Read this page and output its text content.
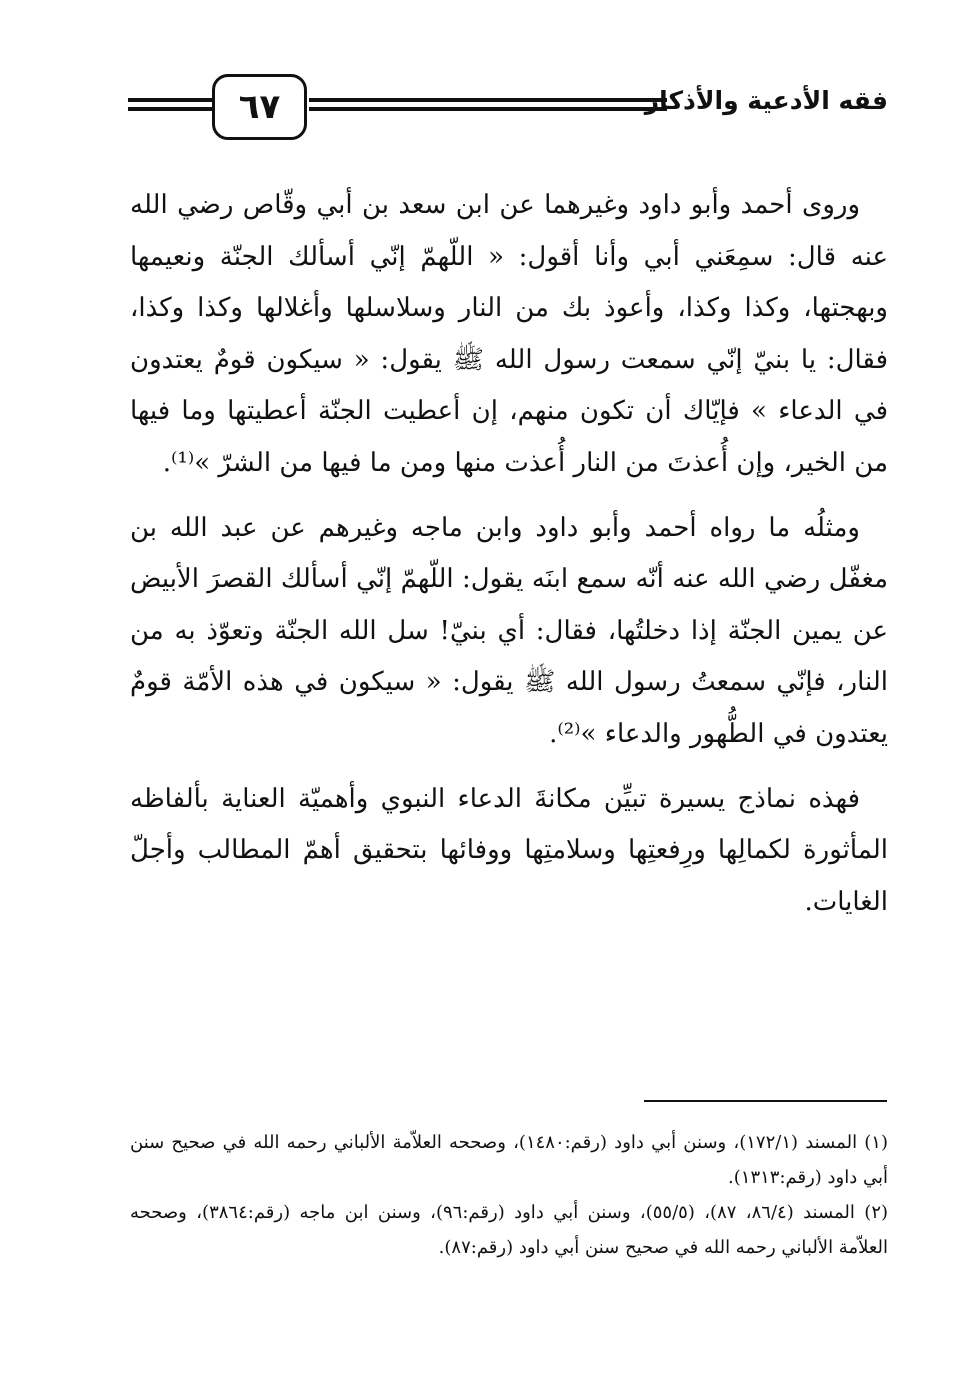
٦٧	فقه الأدعية والأذكار

وروى أحمد وأبو داود وغيرهما عن ابن سعد بن أبي وقّاص رضي الله عنه قال: سمِعَني أبي وأنا أقول: « اللّهمّ إنّي أسألك الجنّة ونعيمها وبهجتها، وكذا وكذا، وأعوذ بك من النار وسلاسلها وأغلالها وكذا وكذا، فقال: يا بنيّ إنّي سمعت رسول الله ﷺ يقول: « سيكون قومٌ يعتدون في الدعاء » فإيّاك أن تكون منهم، إن أعطيت الجنّة أعطيتها وما فيها من الخير، وإن أُعذتَ من النار أُعذت منها ومن ما فيها من الشرّ »⁽¹⁾.

ومثلُه ما رواه أحمد وأبو داود وابن ماجه وغيرهم عن عبد الله بن مغفّل رضي الله عنه أنّه سمع ابنَه يقول: اللّهمّ إنّي أسألك القصرَ الأبيض عن يمين الجنّة إذا دخلتُها، فقال: أي بنيّ! سل الله الجنّة وتعوّذ به من النار، فإنّي سمعتُ رسول الله ﷺ يقول: « سيكون في هذه الأمّة قومٌ يعتدون في الطُّهور والدعاء »⁽²⁾.

فهذه نماذج يسيرة تبيِّن مكانةَ الدعاء النبوي وأهميّة العناية بألفاظه المأثورة لكمالِها ورِفعتِها وسلامتِها ووفائها بتحقيق أهمّ المطالب وأجلّ الغايات.

(١) المسند (١٧٢/١)، وسنن أبي داود (رقم:١٤٨٠)، وصححه العلاّمة الألباني رحمه الله في صحيح سنن أبي داود (رقم:١٣١٣).

(٢) المسند (٨٦/٤، ٨٧)، (٥٥/٥)، وسنن أبي داود (رقم:٩٦)، وسنن ابن ماجه (رقم:٣٨٦٤)، وصححه العلاّمة الألباني رحمه الله في صحيح سنن أبي داود (رقم:٨٧).
